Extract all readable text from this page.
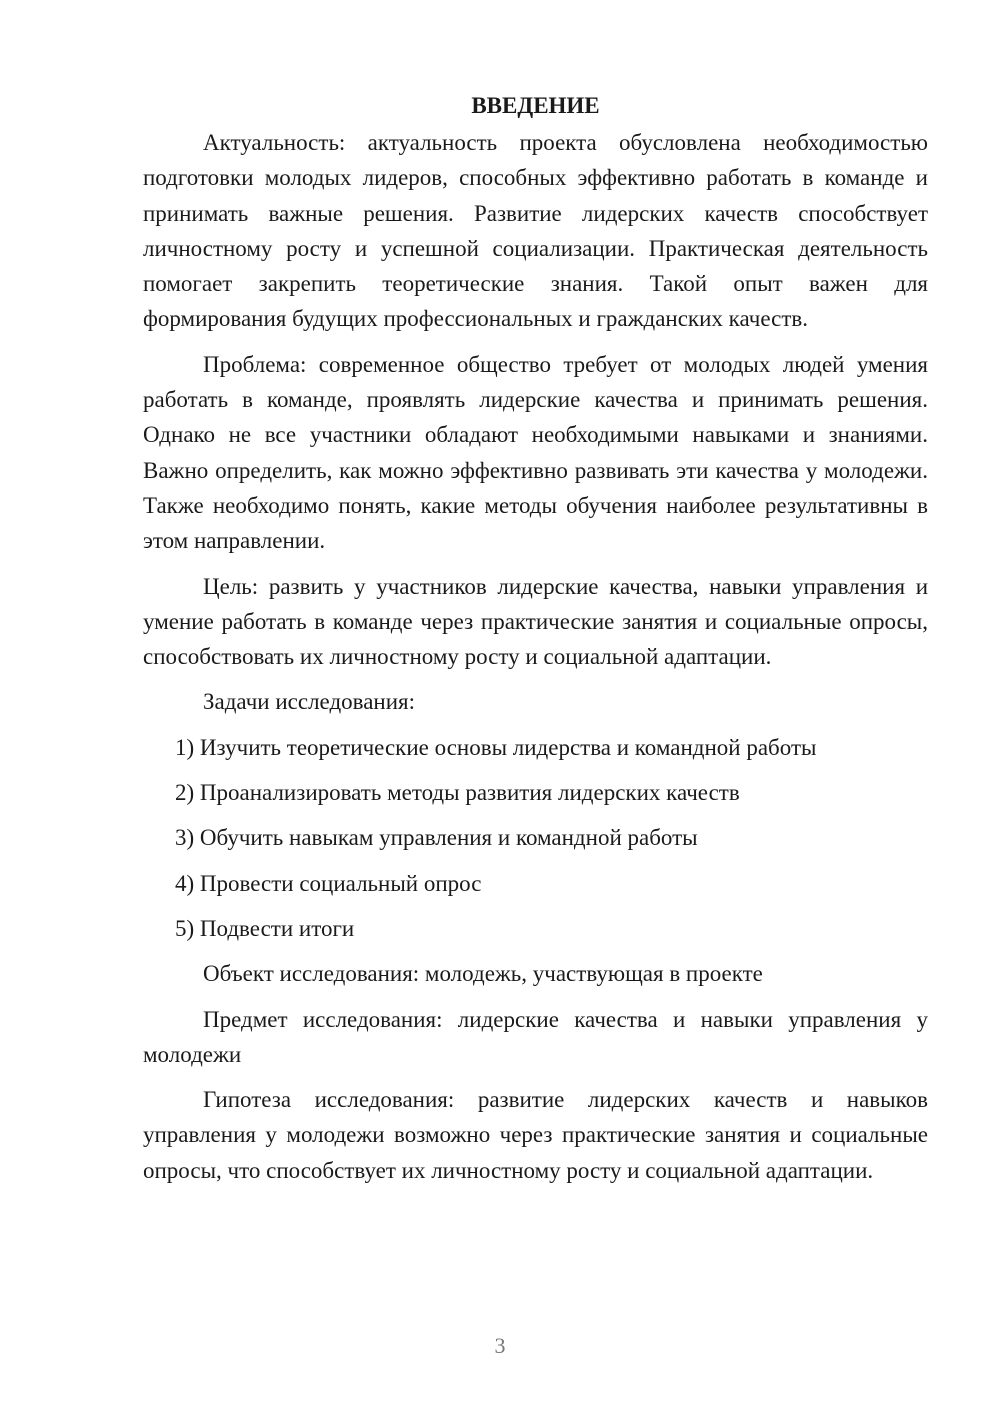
ВВЕДЕНИЕ
Актуальность: актуальность проекта обусловлена необходимостью подготовки молодых лидеров, способных эффективно работать в команде и принимать важные решения. Развитие лидерских качеств способствует личностному росту и успешной социализации. Практическая деятельность помогает закрепить теоретические знания. Такой опыт важен для формирования будущих профессиональных и гражданских качеств.
Проблема: современное общество требует от молодых людей умения работать в команде, проявлять лидерские качества и принимать решения. Однако не все участники обладают необходимыми навыками и знаниями. Важно определить, как можно эффективно развивать эти качества у молодежи. Также необходимо понять, какие методы обучения наиболее результативны в этом направлении.
Цель: развить у участников лидерские качества, навыки управления и умение работать в команде через практические занятия и социальные опросы, способствовать их личностному росту и социальной адаптации.
Задачи исследования:
1) Изучить теоретические основы лидерства и командной работы
2) Проанализировать методы развития лидерских качеств
3) Обучить навыкам управления и командной работы
4) Провести социальный опрос
5) Подвести итоги
Объект исследования: молодежь, участвующая в проекте
Предмет исследования: лидерские качества и навыки управления у молодежи
Гипотеза исследования: развитие лидерских качеств и навыков управления у молодежи возможно через практические занятия и социальные опросы, что способствует их личностному росту и социальной адаптации.
3
